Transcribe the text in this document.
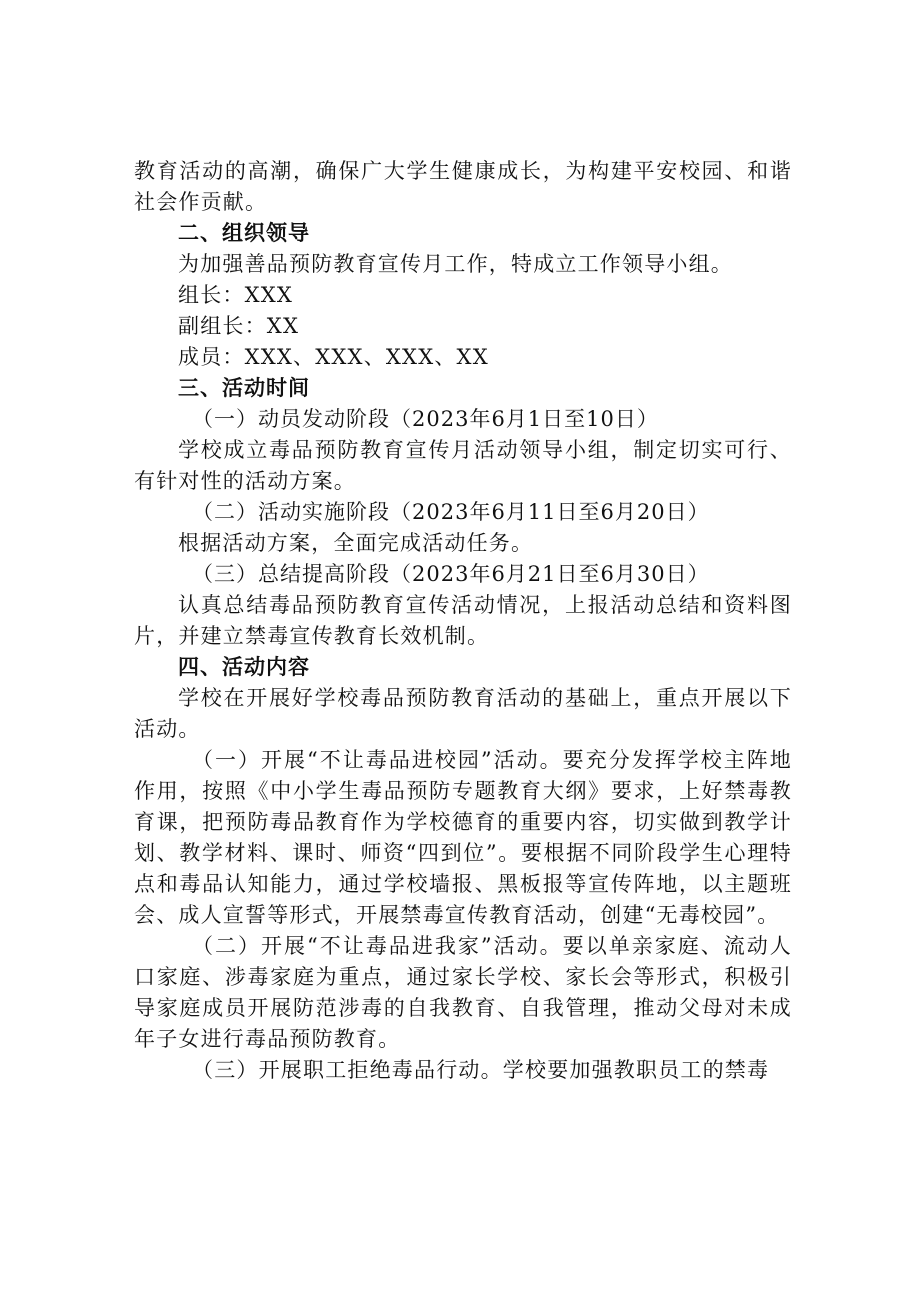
教育活动的高潮，确保广大学生健康成长，为构建平安校园、和谐社会作贡献。

二、组织领导

为加强善品预防教育宣传月工作，特成立工作领导小组。

组长：XXX

副组长：XX

成员：XXX、XXX、XXX、XX

三、活动时间

（一）动员发动阶段（2023年6月1日至10日）

学校成立毒品预防教育宣传月活动领导小组，制定切实可行、有针对性的活动方案。

（二）活动实施阶段（2023年6月11日至6月20日）

根据活动方案，全面完成活动任务。

（三）总结提高阶段（2023年6月21日至6月30日）

认真总结毒品预防教育宣传活动情况，上报活动总结和资料图片，并建立禁毒宣传教育长效机制。

四、活动内容

学校在开展好学校毒品预防教育活动的基础上，重点开展以下活动。

（一）开展“不让毒品进校园”活动。要充分发挥学校主阵地作用，按照《中小学生毒品预防专题教育大纲》要求，上好禁毒教育课，把预防毒品教育作为学校德育的重要内容，切实做到教学计划、教学材料、课时、师资“四到位”。要根据不同阶段学生心理特点和毒品认知能力，通过学校墙报、黑板报等宣传阵地，以主题班会、成人宣誓等形式，开展禁毒宣传教育活动，创建“无毒校园”。

（二）开展“不让毒品进我家”活动。要以单亲家庭、流动人口家庭、涉毒家庭为重点，通过家长学校、家长会等形式，积极引导家庭成员开展防范涉毒的自我教育、自我管理，推动父母对未成年子女进行毒品预防教育。

（三）开展职工拒绝毒品行动。学校要加强教职员工的禁毒
